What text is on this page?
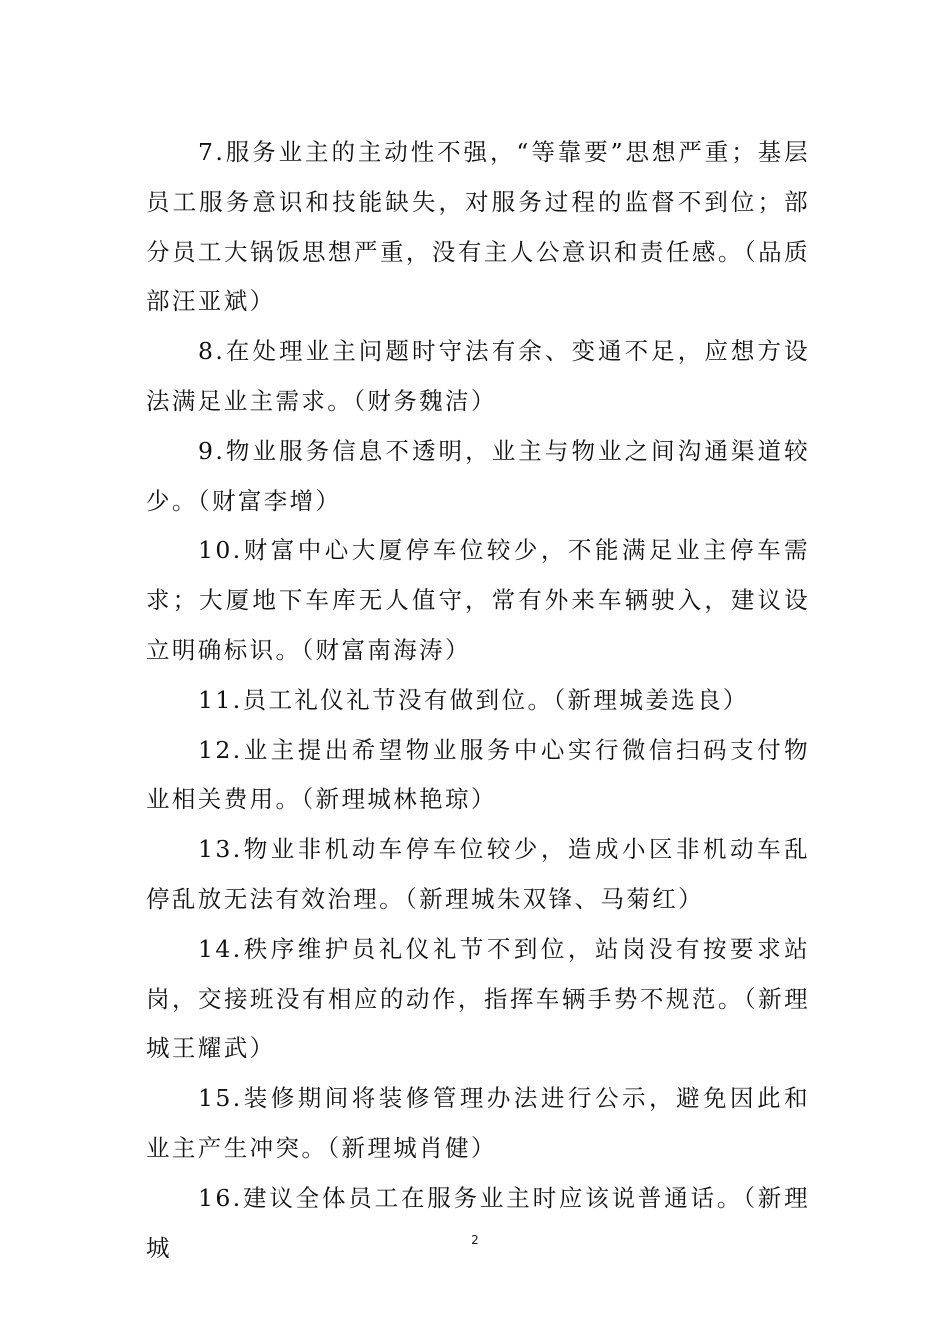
7.服务业主的主动性不强，“等靠要”思想严重；基层员工服务意识和技能缺失，对服务过程的监督不到位；部分员工大锅饭思想严重，没有主人公意识和责任感。（品质部汪亚斌）

8.在处理业主问题时守法有余、变通不足，应想方设法满足业主需求。（财务魏洁）

9.物业服务信息不透明，业主与物业之间沟通渠道较少。（财富李增）

10.财富中心大厦停车位较少，不能满足业主停车需求；大厦地下车库无人值守，常有外来车辆驶入，建议设立明确标识。（财富南海涛）

11.员工礼仪礼节没有做到位。（新理城姜选良）

12.业主提出希望物业服务中心实行微信扫码支付物业相关费用。（新理城林艳琼）

13.物业非机动车停车位较少，造成小区非机动车乱停乱放无法有效治理。（新理城朱双锋、马菊红）

14.秩序维护员礼仪礼节不到位，站岗没有按要求站岗，交接班没有相应的动作，指挥车辆手势不规范。（新理城王耀武）

15.装修期间将装修管理办法进行公示，避免因此和业主产生冲突。（新理城肖健）

16.建议全体员工在服务业主时应该说普通话。（新理城	2
